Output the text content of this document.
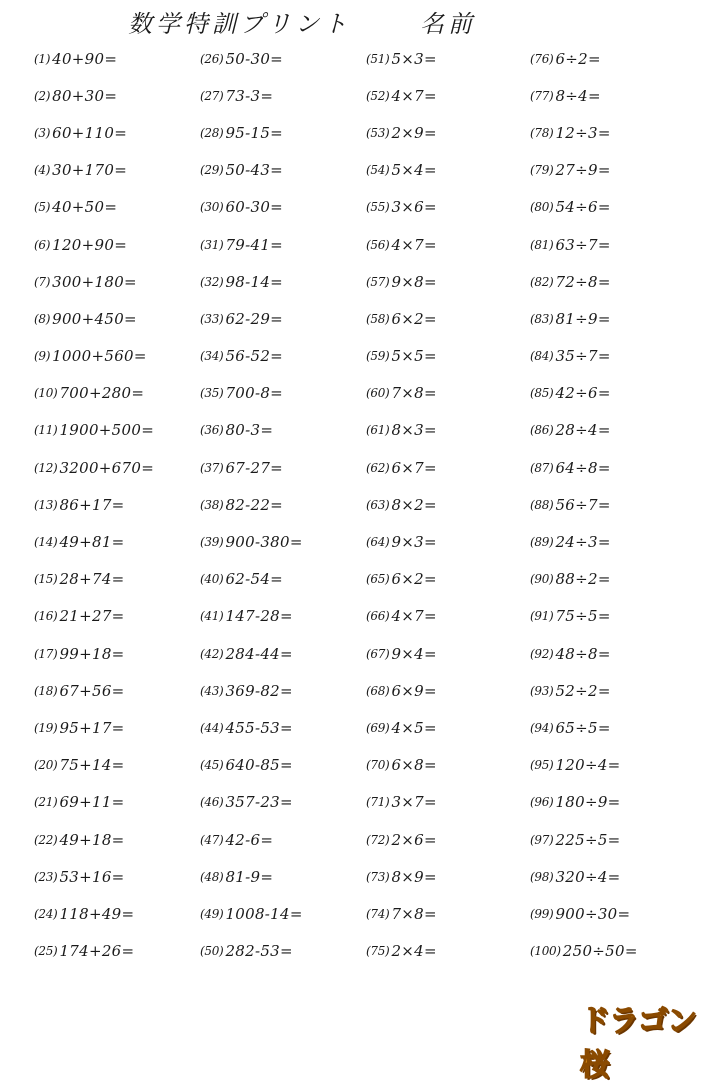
数学特訓プリント	名前
(1) 40+90=
(2) 80+30=
(3) 60+110=
(4) 30+170=
(5) 40+50=
(6) 120+90=
(7) 300+180=
(8) 900+450=
(9) 1000+560=
(10) 700+280=
(11) 1900+500=
(12) 3200+670=
(13) 86+17=
(14) 49+81=
(15) 28+74=
(16) 21+27=
(17) 99+18=
(18) 67+56=
(19) 95+17=
(20) 75+14=
(21) 69+11=
(22) 49+18=
(23) 53+16=
(24) 118+49=
(25) 174+26=
(26) 50-30=
(27) 73-3=
(28) 95-15=
(29) 50-43=
(30) 60-30=
(31) 79-41=
(32) 98-14=
(33) 62-29=
(34) 56-52=
(35) 700-8=
(36) 80-3=
(37) 67-27=
(38) 82-22=
(39) 900-380=
(40) 62-54=
(41) 147-28=
(42) 284-44=
(43) 369-82=
(44) 455-53=
(45) 640-85=
(46) 357-23=
(47) 42-6=
(48) 81-9=
(49) 1008-14=
(50) 282-53=
(51) 5×3=
(52) 4×7=
(53) 2×9=
(54) 5×4=
(55) 3×6=
(56) 4×7=
(57) 9×8=
(58) 6×2=
(59) 5×5=
(60) 7×8=
(61) 8×3=
(62) 6×7=
(63) 8×2=
(64) 9×3=
(65) 6×2=
(66) 4×7=
(67) 9×4=
(68) 6×9=
(69) 4×5=
(70) 6×8=
(71) 3×7=
(72) 2×6=
(73) 8×9=
(74) 7×8=
(75) 2×4=
(76) 6÷2=
(77) 8÷4=
(78) 12÷3=
(79) 27÷9=
(80) 54÷6=
(81) 63÷7=
(82) 72÷8=
(83) 81÷9=
(84) 35÷7=
(85) 42÷6=
(86) 28÷4=
(87) 64÷8=
(88) 56÷7=
(89) 24÷3=
(90) 88÷2=
(91) 75÷5=
(92) 48÷8=
(93) 52÷2=
(94) 65÷5=
(95) 120÷4=
(96) 180÷9=
(97) 225÷5=
(98) 320÷4=
(99) 900÷30=
(100) 250÷50=
ドラゴン桜
